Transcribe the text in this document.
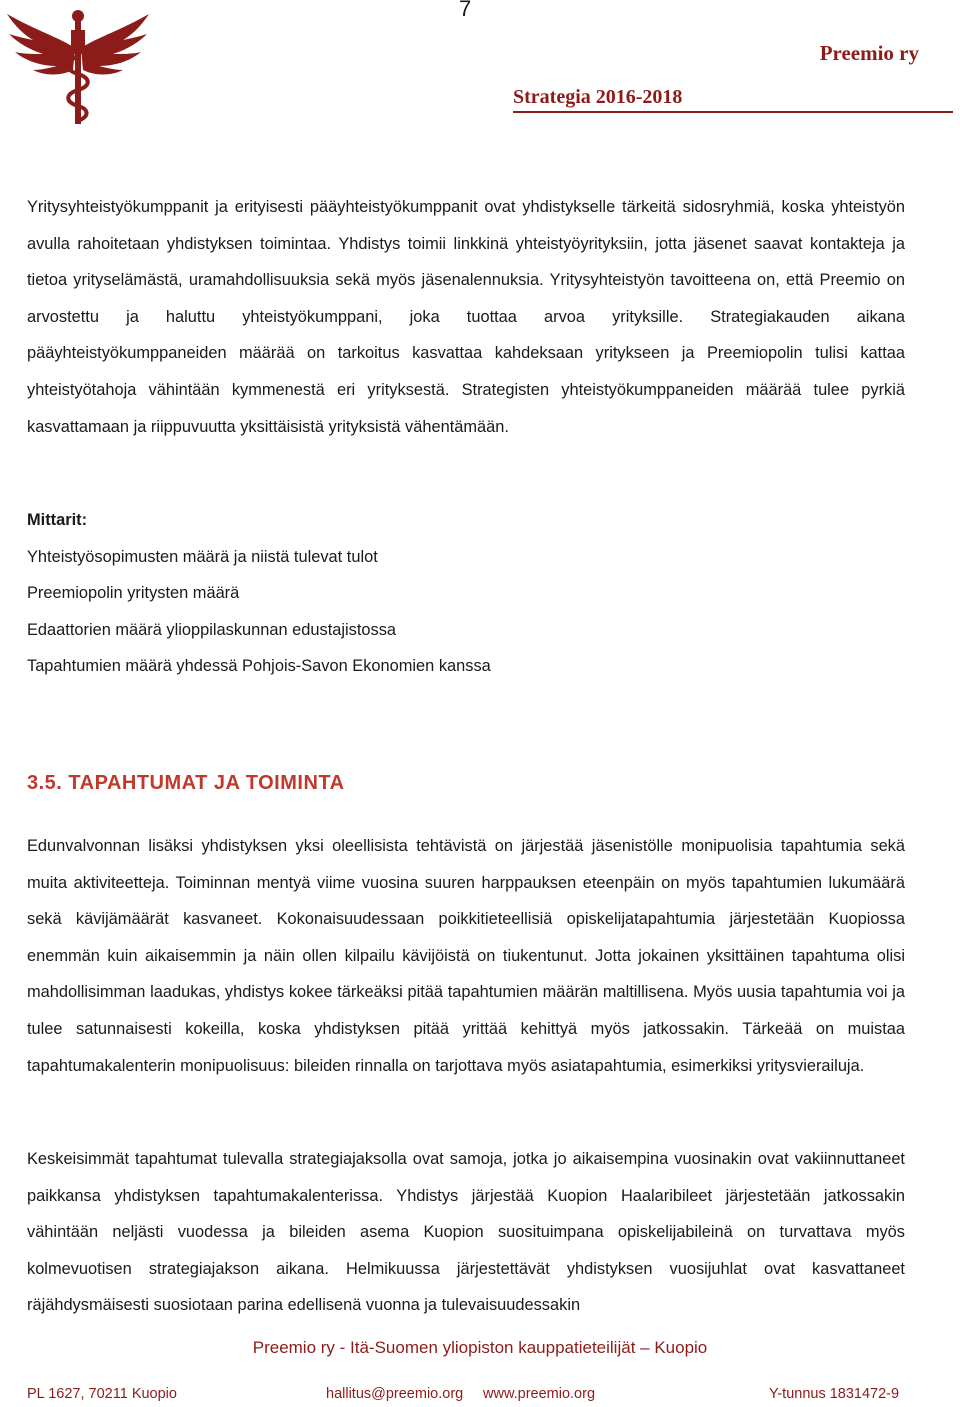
7
Preemio ry
Strategia 2016-2018

Yritysyhteistyökumppanit ja erityisesti pääyhteistyökumppanit ovat yhdistykselle tärkeitä sidosryhmiä, koska yhteistyön avulla rahoitetaan yhdistyksen toimintaa. Yhdistys toimii linkkinä yhteistyöyrityksiin, jotta jäsenet saavat kontakteja ja tietoa yrityselämästä, uramahdollisuuksia sekä myös jäsenalennuksia. Yritysyhteistyön tavoitteena on, että Preemio on arvostettu ja haluttu yhteistyökumppani, joka tuottaa arvoa yrityksille. Strategiakauden aikana pääyhteistyökumppaneiden määrää on tarkoitus kasvattaa kahdeksaan yritykseen ja Preemiopolin tulisi kattaa yhteistyötahoja vähintään kymmenestä eri yrityksestä. Strategisten yhteistyökumppaneiden määrää tulee pyrkiä kasvattamaan ja riippuvuutta yksittäisistä yrityksistä vähentämään.

Mittarit:

Yhteistyösopimusten määrä ja niistä tulevat tulot

Preemiopolin yritysten määrä

Edaattorien määrä ylioppilaskunnan edustajistossa

Tapahtumien määrä yhdessä Pohjois-Savon Ekonomien kanssa

3.5. TAPAHTUMAT JA TOIMINTA

Edunvalvonnan lisäksi yhdistyksen yksi oleellisista tehtävistä on järjestää jäsenistölle monipuolisia tapahtumia sekä muita aktiviteetteja. Toiminnan mentyä viime vuosina suuren harppauksen eteenpäin on myös tapahtumien lukumäärä sekä kävijämäärät kasvaneet. Kokonaisuudessaan poikkitieteellisiä opiskelijatapahtumia järjestetään Kuopiossa enemmän kuin aikaisemmin ja näin ollen kilpailu kävijöistä on tiukentunut. Jotta jokainen yksittäinen tapahtuma olisi mahdollisimman laadukas, yhdistys kokee tärkeäksi pitää tapahtumien määrän maltillisena. Myös uusia tapahtumia voi ja tulee satunnaisesti kokeilla, koska yhdistyksen pitää yrittää kehittyä myös jatkossakin. Tärkeää on muistaa tapahtumakalenterin monipuolisuus: bileiden rinnalla on tarjottava myös asiatapahtumia, esimerkiksi yritysvierailuja.

Keskeisimmät tapahtumat tulevalla strategiajaksolla ovat samoja, jotka jo aikaisempina vuosinakin ovat vakiinnuttaneet paikkansa yhdistyksen tapahtumakalenterissa. Yhdistys järjestää Kuopion Haalaribileet järjestetään jatkossakin vähintään neljästi vuodessa ja bileiden asema Kuopion suosituimpana opiskelijabileinä on turvattava myös kolmevuotisen strategiajakson aikana. Helmikuussa järjestettävät yhdistyksen vuosijuhlat ovat kasvattaneet räjähdysmäisesti suosiotaan parina edellisenä vuonna ja tulevaisuudessakin

Preemio ry - Itä-Suomen yliopiston kauppatieteilijät – Kuopio
PL 1627, 70211 Kuopio	hallitus@preemio.org www.preemio.org	Y-tunnus 1831472-9
